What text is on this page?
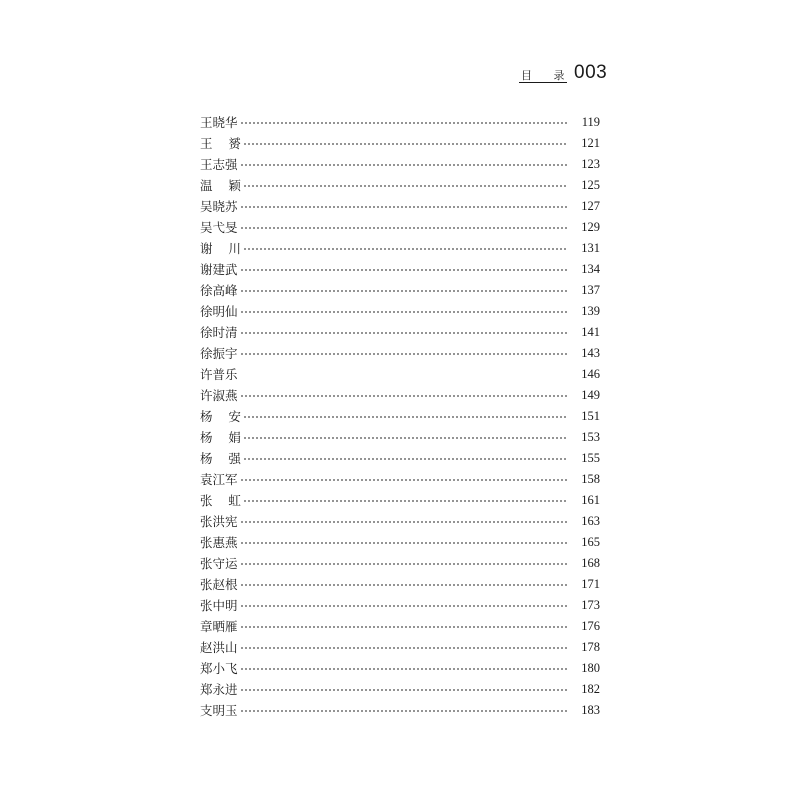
目 录 003
王晓华	119
王    赟	121
王志强	123
温    颖	125
吴晓苏	127
吴弋旻	129
谢    川	131
谢建武	134
徐高峰	137
徐明仙	139
徐时清	141
徐振宇	143
许普乐	146
许淑燕	149
杨    安	151
杨    娟	153
杨    强	155
袁江军	158
张    虹	161
张洪宪	163
张惠燕	165
张守运	168
张赵根	171
张中明	173
章晒雁	176
赵洪山	178
郑小飞	180
郑永进	182
支明玉	183
